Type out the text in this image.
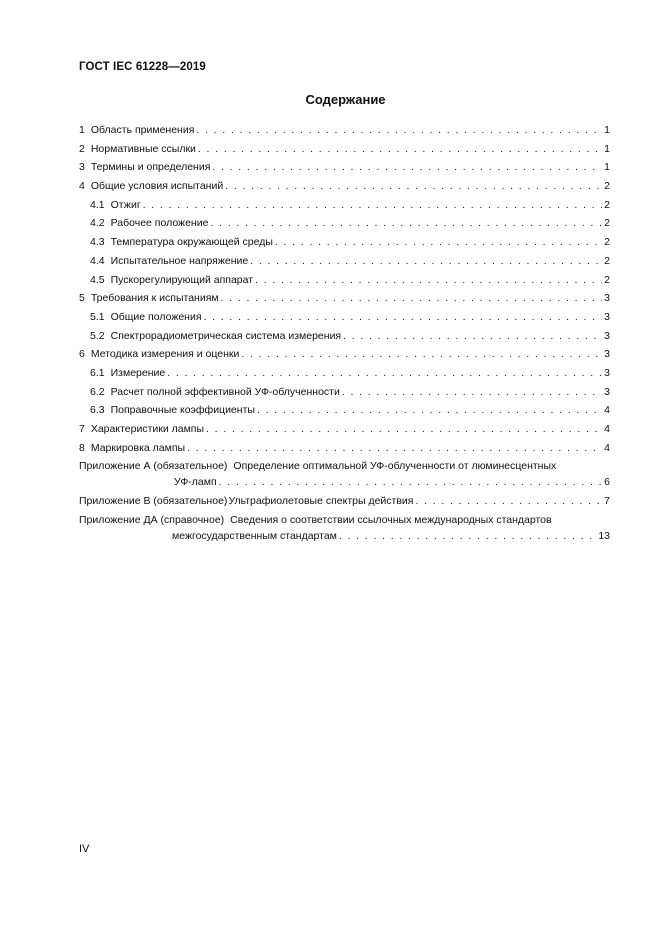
ГОСТ IEC 61228—2019
Содержание
1 Область применения . . .	1
2 Нормативные ссылки . . .	1
3 Термины и определения . . .	1
4 Общие условия испытаний . . .	2
4.1 Отжиг . . .	2
4.2 Рабочее положение . . .	2
4.3 Температура окружающей среды . . .	2
4.4 Испытательное напряжение . . .	2
4.5 Пускорегулирующий аппарат . . .	2
5 Требования к испытаниям . . .	3
5.1 Общие положения . . .	3
5.2 Спектрорадиометрическая система измерения . . .	3
6 Методика измерения и оценки . . .	3
6.1 Измерение . . .	3
6.2 Расчет полной эффективной УФ-облученности . . .	3
6.3 Поправочные коэффициенты . . .	4
7 Характеристики лампы . . .	4
8 Маркировка лампы . . .	4
Приложение А (обязательное) Определение оптимальной УФ-облученности от люминесцентных
УФ-ламп . . .	6
Приложение В (обязательное) Ультрафиолетовые спектры действия . . .	7
Приложение ДА (справочное) Сведения о соответствии ссылочных международных стандартов
межгосударственным стандартам . . .	13
IV
